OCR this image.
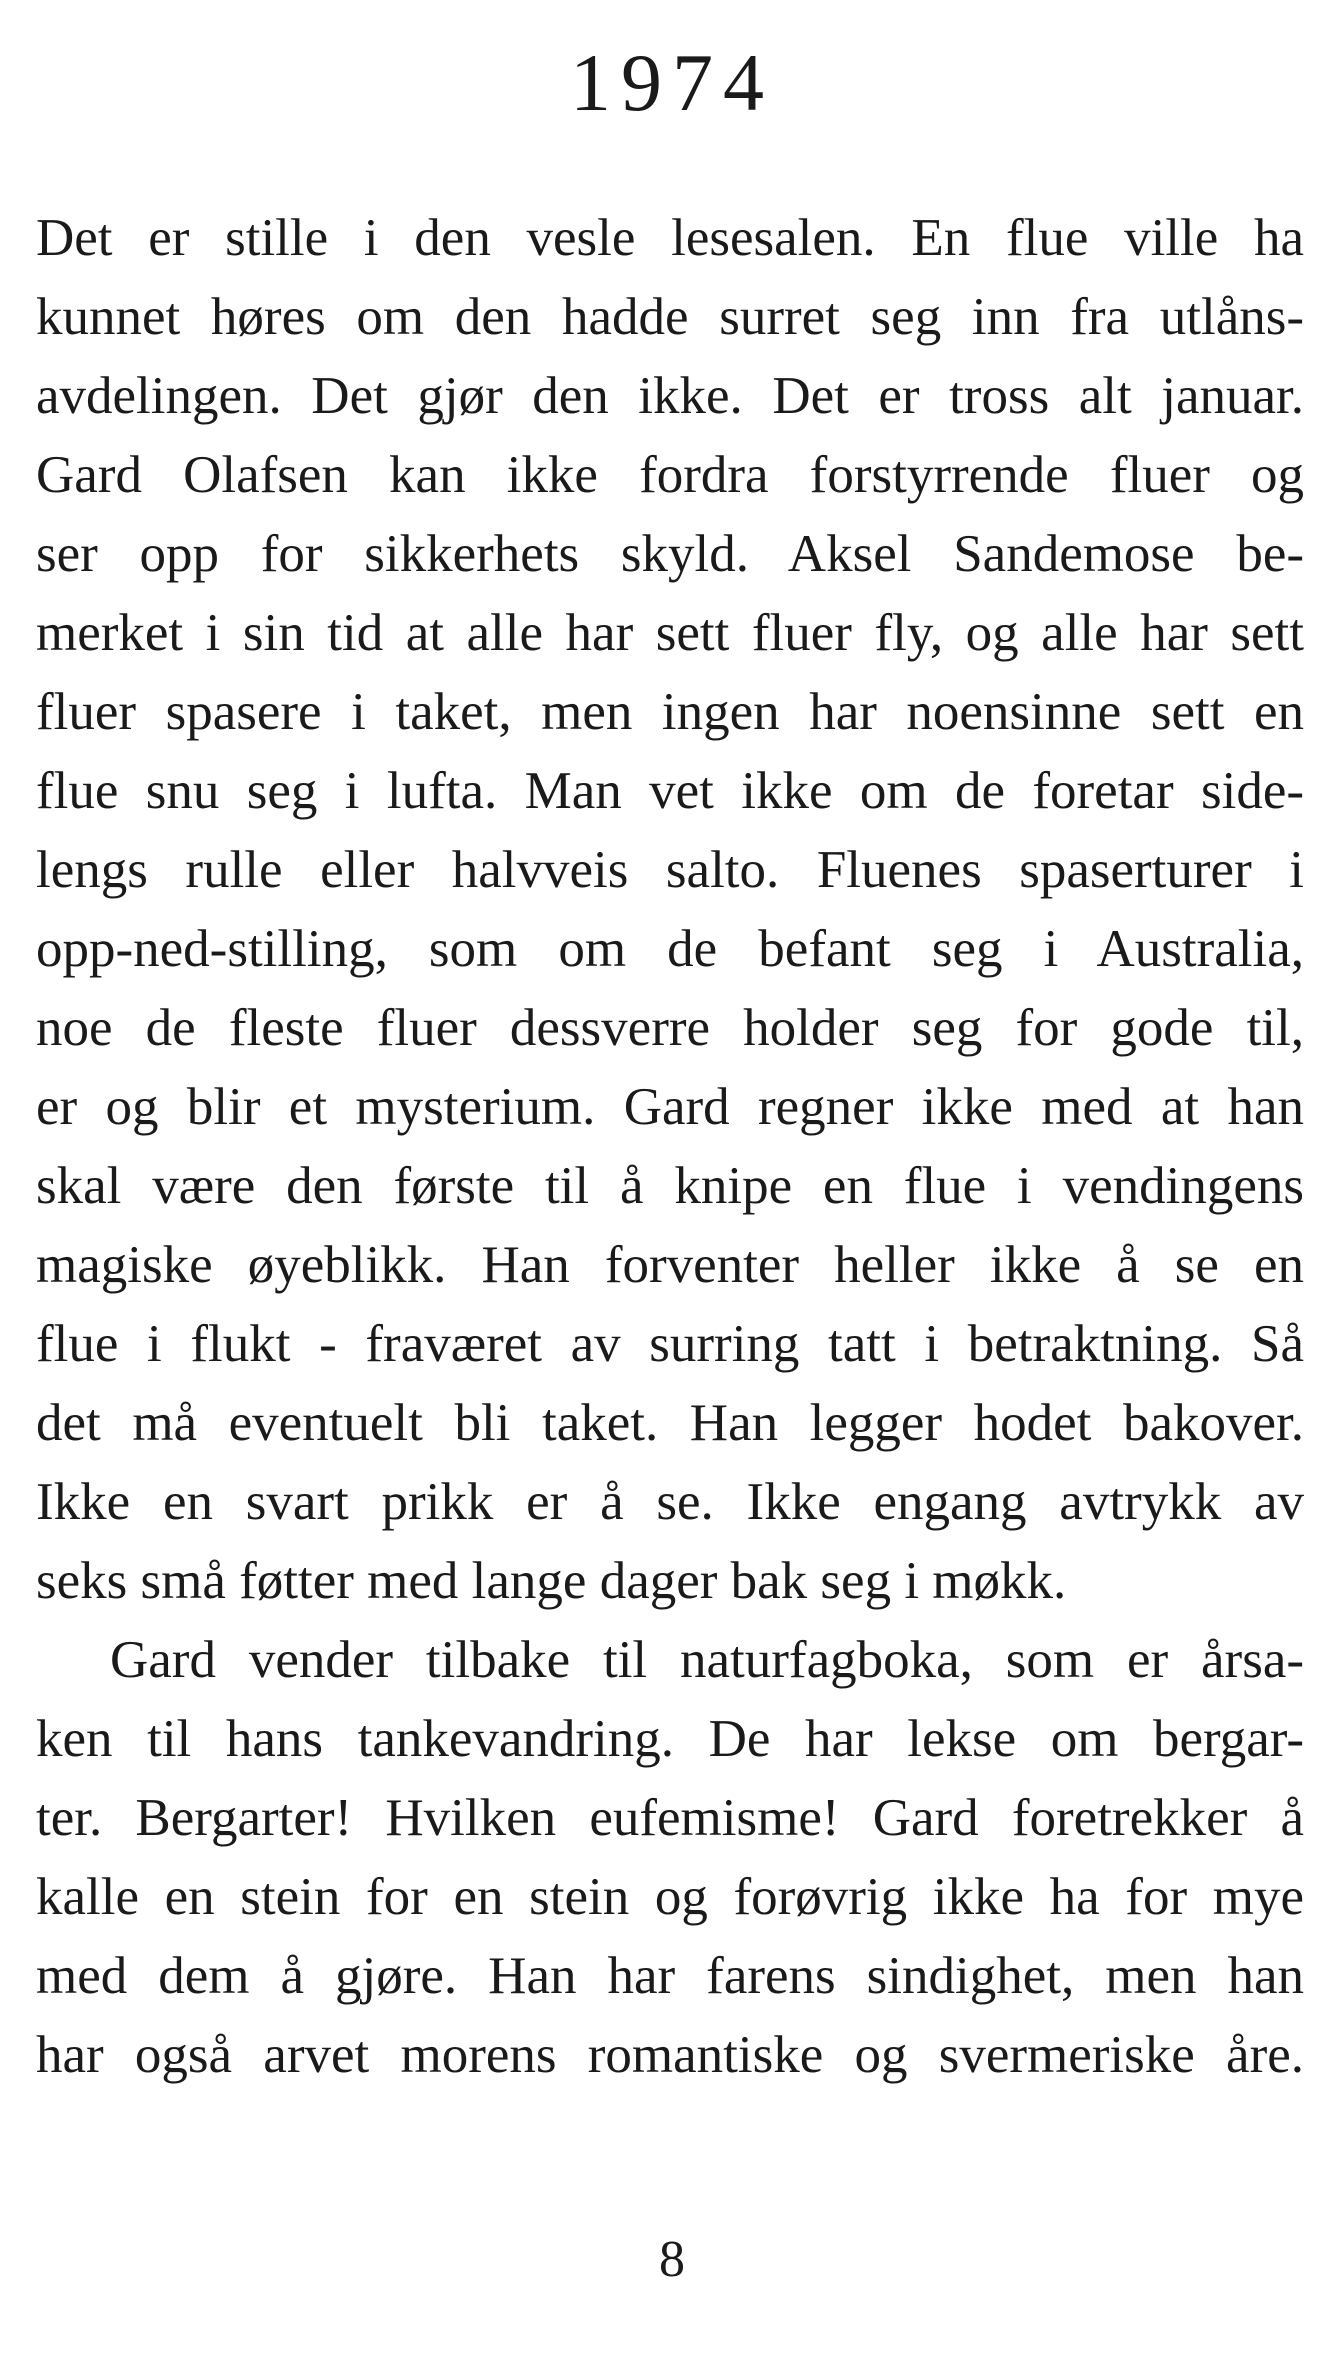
1974
Det er stille i den vesle lesesalen. En flue ville ha
kunnet høres om den hadde surret seg inn fra utlåns-
avdelingen. Det gjør den ikke. Det er tross alt januar.
Gard Olafsen kan ikke fordra forstyrrende fluer og
ser opp for sikkerhets skyld. Aksel Sandemose be-
merket i sin tid at alle har sett fluer fly, og alle har sett
fluer spasere i taket, men ingen har noensinne sett en
flue snu seg i lufta. Man vet ikke om de foretar side-
lengs rulle eller halvveis salto. Fluenes spaserturer i
opp-ned-stilling, som om de befant seg i Australia,
noe de fleste fluer dessverre holder seg for gode til,
er og blir et mysterium. Gard regner ikke med at han
skal være den første til å knipe en flue i vendingens
magiske øyeblikk. Han forventer heller ikke å se en
flue i flukt - fraværet av surring tatt i betraktning. Så
det må eventuelt bli taket. Han legger hodet bakover.
Ikke en svart prikk er å se. Ikke engang avtrykk av
seks små føtter med lange dager bak seg i møkk.
Gard vender tilbake til naturfagboka, som er årsa-
ken til hans tankevandring. De har lekse om bergar-
ter. Bergarter! Hvilken eufemisme! Gard foretrekker å
kalle en stein for en stein og forøvrig ikke ha for mye
med dem å gjøre. Han har farens sindighet, men han
har også arvet morens romantiske og svermeriske åre.
8
